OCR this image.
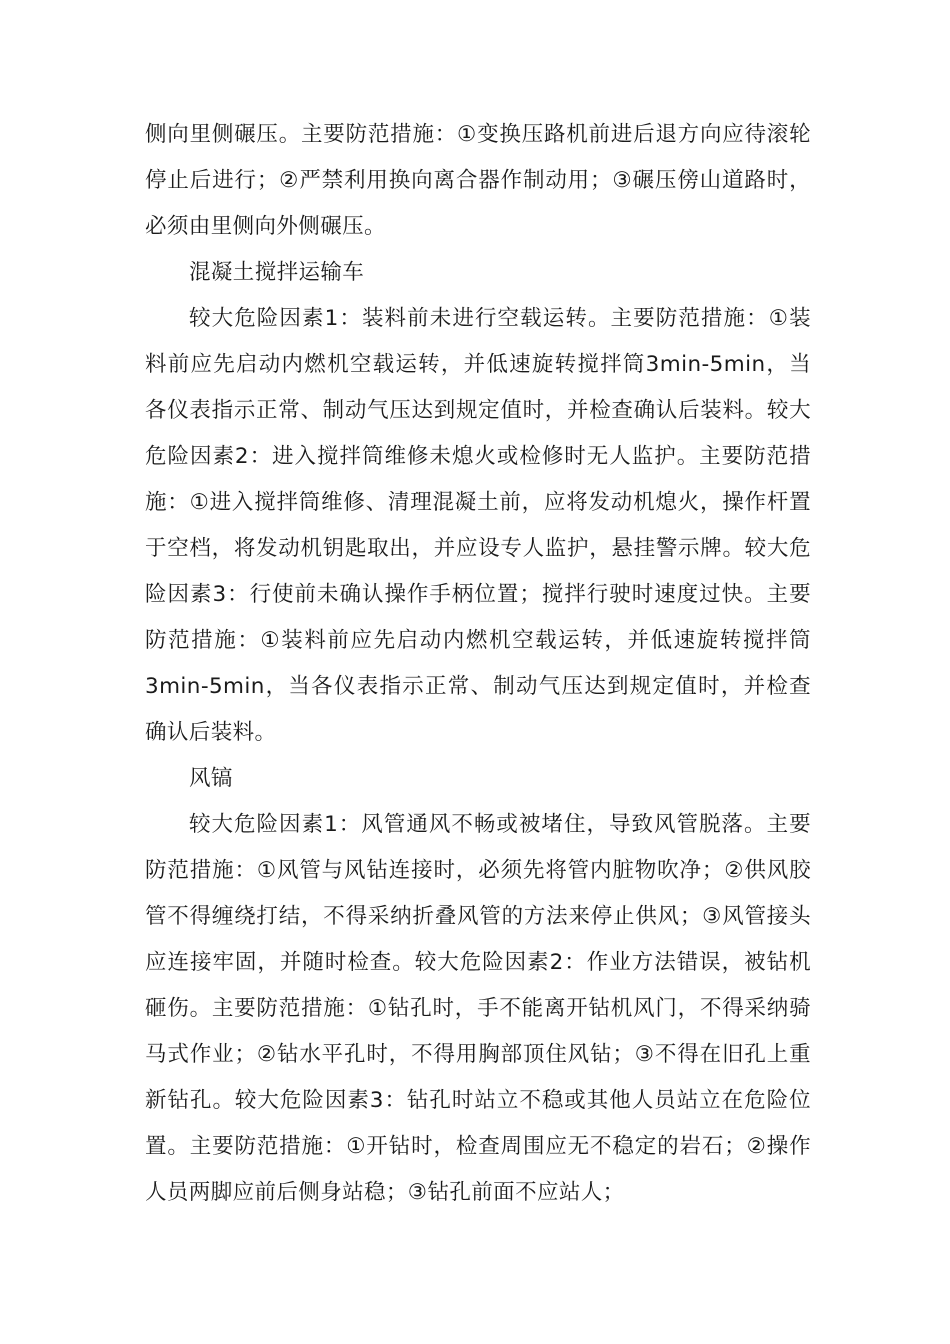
侧向里侧碾压。主要防范措施：①变换压路机前进后退方向应待滚轮停止后进行；②严禁利用换向离合器作制动用；③碾压傍山道路时，必须由里侧向外侧碾压。

混凝土搅拌运输车

较大危险因素1：装料前未进行空载运转。主要防范措施：①装料前应先启动内燃机空载运转，并低速旋转搅拌筒3min-5min，当各仪表指示正常、制动气压达到规定值时，并检查确认后装料。较大危险因素2：进入搅拌筒维修未熄火或检修时无人监护。主要防范措施：①进入搅拌筒维修、清理混凝土前，应将发动机熄火，操作杆置于空档，将发动机钥匙取出，并应设专人监护，悬挂警示牌。较大危险因素3：行使前未确认操作手柄位置；搅拌行驶时速度过快。主要防范措施：①装料前应先启动内燃机空载运转，并低速旋转搅拌筒3min-5min，当各仪表指示正常、制动气压达到规定值时，并检查确认后装料。

风镐

较大危险因素1：风管通风不畅或被堵住，导致风管脱落。主要防范措施：①风管与风钻连接时，必须先将管内脏物吹净；②供风胶管不得缠绕打结，不得采纳折叠风管的方法来停止供风；③风管接头应连接牢固，并随时检查。较大危险因素2：作业方法错误，被钻机砸伤。主要防范措施：①钻孔时，手不能离开钻机风门，不得采纳骑马式作业；②钻水平孔时，不得用胸部顶住风钻；③不得在旧孔上重新钻孔。较大危险因素3：钻孔时站立不稳或其他人员站立在危险位置。主要防范措施：①开钻时，检查周围应无不稳定的岩石；②操作人员两脚应前后侧身站稳；③钻孔前面不应站人；
